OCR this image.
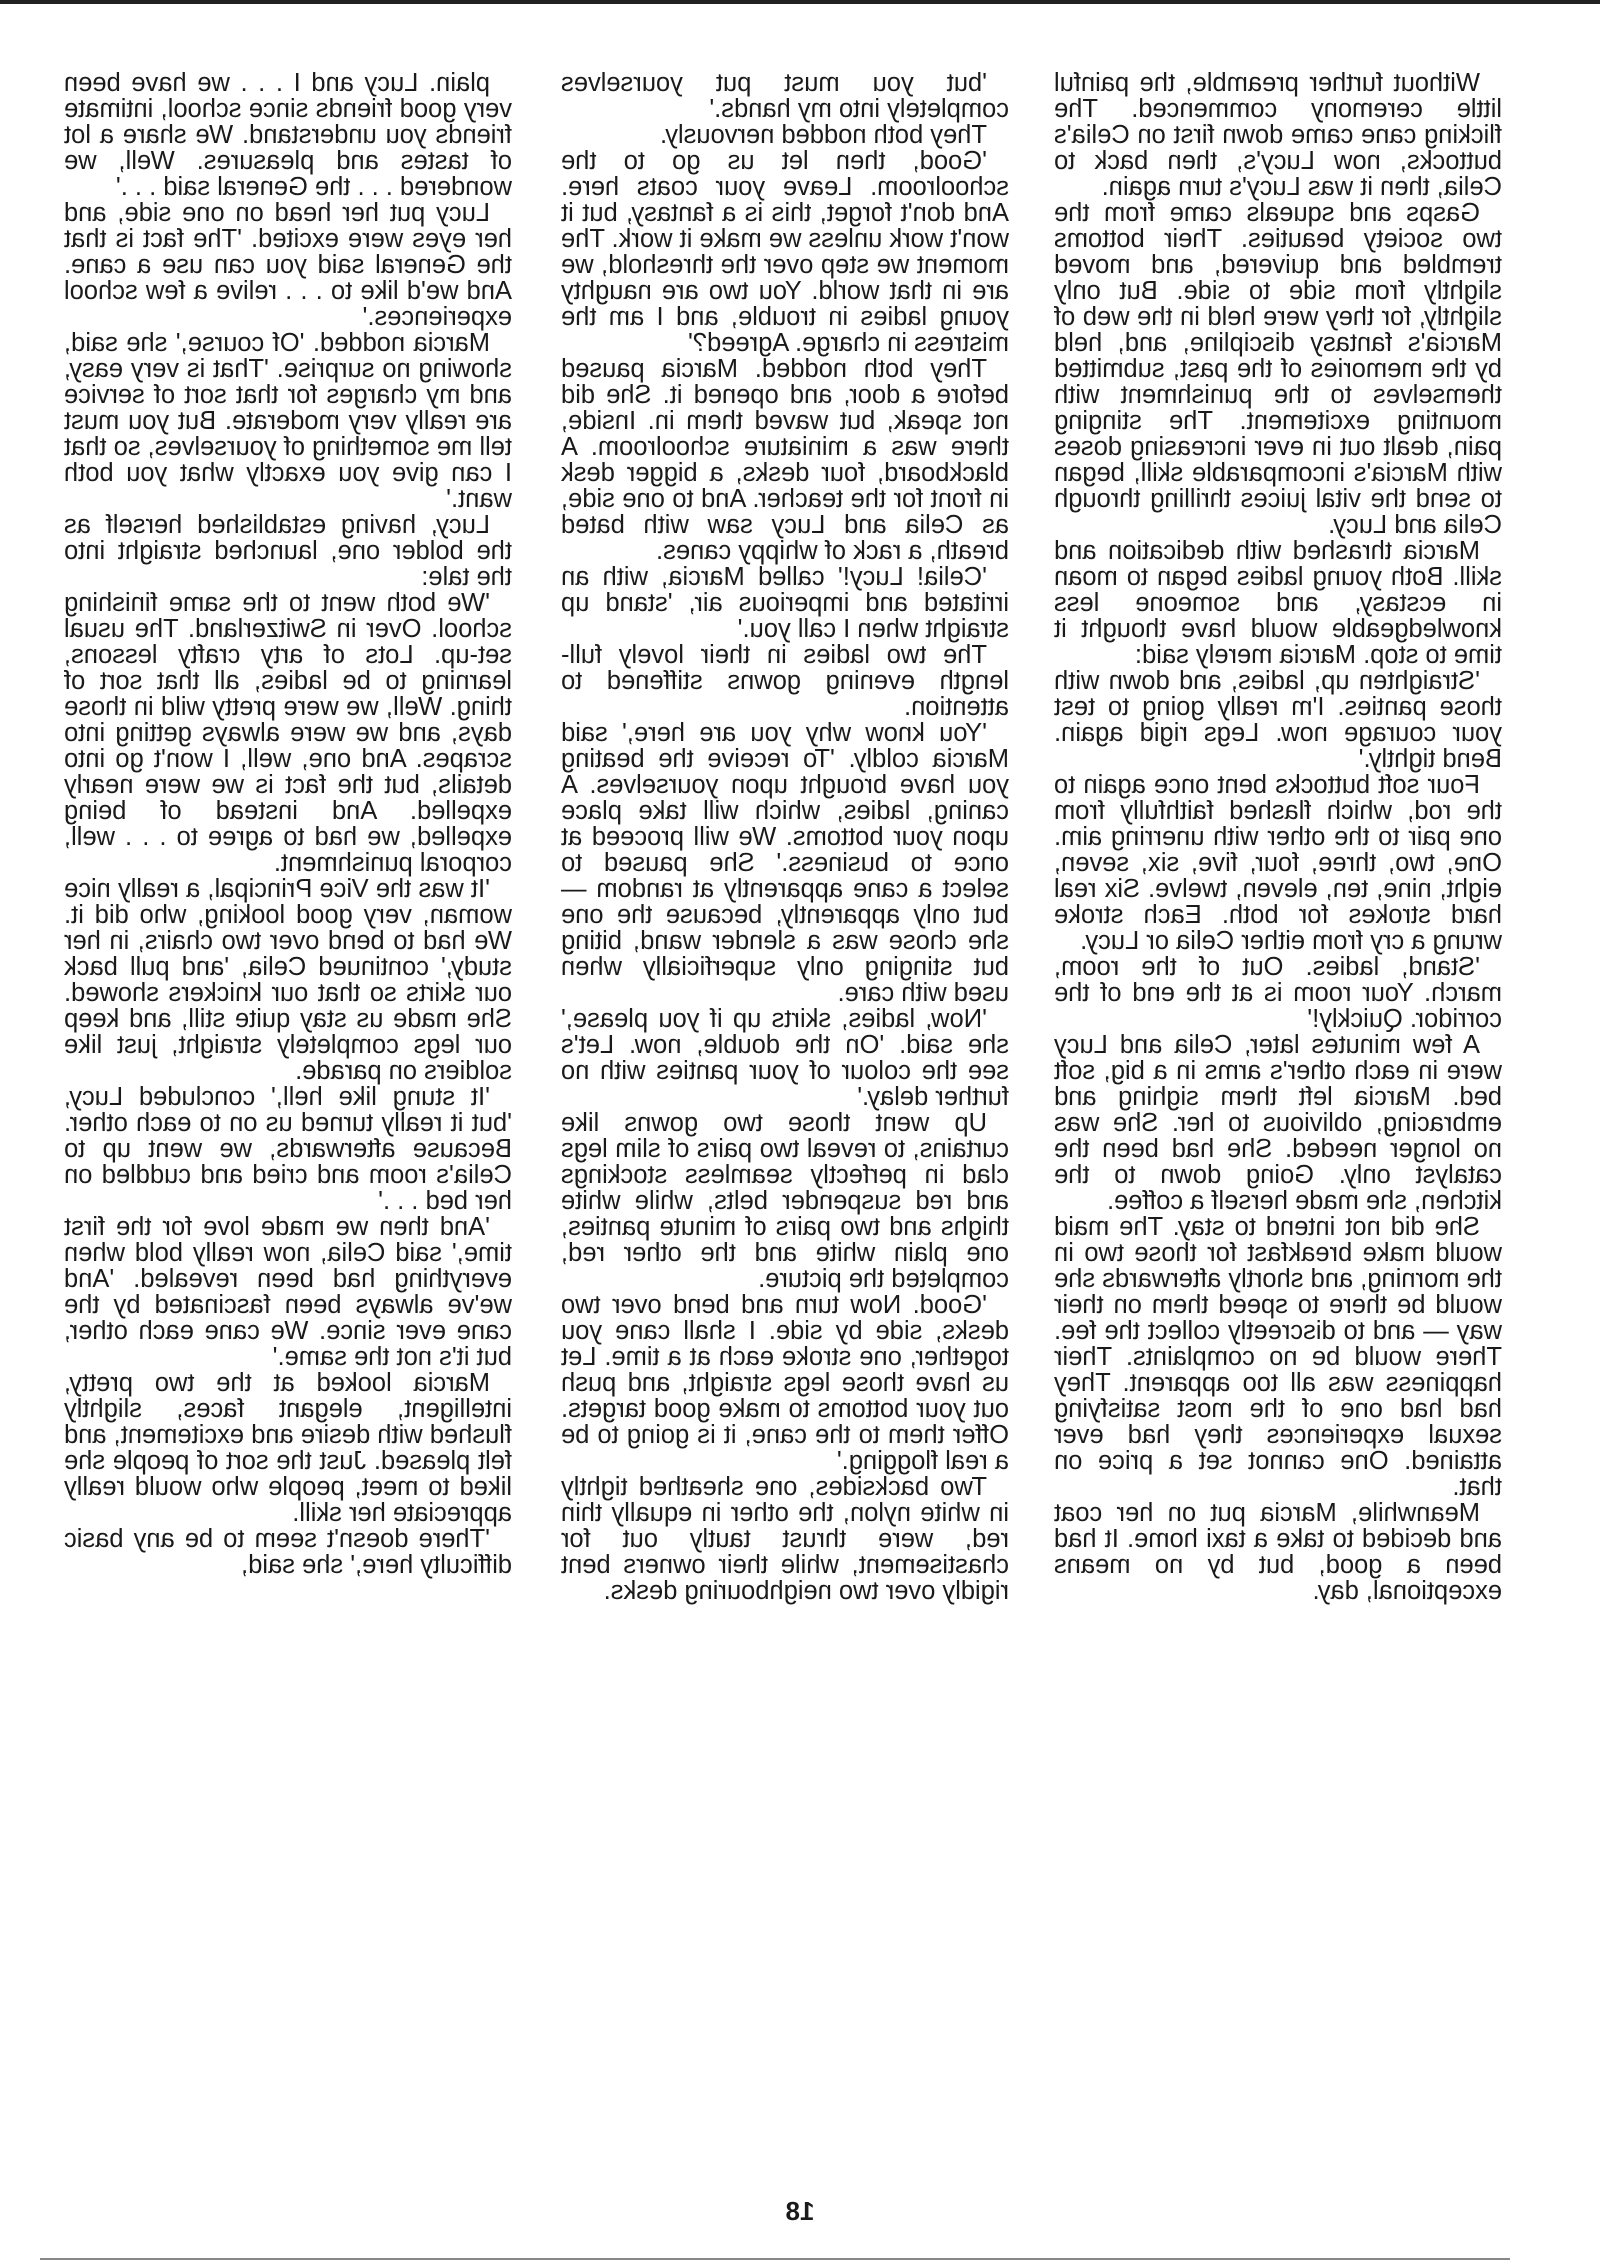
Without further preamble, the painful little ceremony commenced. The flicking cane came down first on Celia's buttocks, now Lucy's, then back to Celia, then it was Lucy's turn again.

Gasps and squeals came from the two society beauties. Their bottoms trembled and quivered, and moved slightly from side to side. But only slightly, for they were held in the web of Marcia's fantasy discipline, and, held by the memories of the past, submitted themselves to the punishment with mounting excitement. The stinging pain, dealt out in ever increasing doses with Marcia's incomparable skill, began to send the vital juices thrilling through Celia and Lucy.

Marcia thrashed with dedication and skill. Both young ladies began to moan in ecstasy, and someone less knowledgeable would have thought it time to stop. Marcia merely said:

'Straighten up, ladies, and down with those panties. I'm really going to test your courage now. Legs rigid again. Bend tightly.'

Four soft buttocks bent once again to the rod, which flashed faithfully from one pair to the other with unerring aim. One, two, three, four, five, six, seven, eight, nine, ten, eleven, twelve. Six real hard strokes for both. Each stroke wrung a cry from either Celia or Lucy.

'Stand, ladies. Out of the room, march. Your room is at the end of the corridor. Quickly!'

A few minutes later, Celia and Lucy were in each other's arms in a big, soft bed. Marcia left them sighing and embracing, oblivious to her. She was no longer needed. She had been the catalyst only. Going down to the kitchen, she made herself a coffee.

She did not intend to stay. The maid would make breakfast for those two in the morning, and shortly afterwards she would be there to speed them on their way — and to discreetly collect the fee. There would be no complaints. Their happiness was all too apparent. They had had one of the most satisfying sexual experiences they had ever attained. One cannot set a price on that.

Meanwhile, Marcia put on her coat and decided to take a taxi home. It had been a good, but by no means exceptional, day.

'but you must put yourselves completely into my hands.'

They both nodded nervously.

'Good, then let us go to the schoolroom. Leave your coats here. And don't forget, this is a fantasy, but it won't work unless we make it work. The moment we step over the threshold, we are in that world. You two are naughty young ladies in trouble, and I am the mistress in charge. Agreed?'

They both nodded. Marcia paused before a door, and opened it. She did not speak, but waved them in. Inside, there was a miniature schoolroom. A blackboard, four desks, a bigger desk in front for the teacher. And to one side, as Celia and Lucy saw with bated breath, a rack of whippy canes.

'Celia! Lucy!' called Marcia, with an irritated and imperious air, 'stand up straight when I call you.'

The two ladies in their lovely full-length evening gowns stiffened to attention.

'You know why you are here,' said Marcia coldly. 'To receive the beating you have brought upon yourselves. A caning, ladies, which will take place upon your bottoms. We will proceed at once to business.' She paused to select a cane apparently at random — but only apparently, because the one she chose was a slender wand, biting but stinging only superficially when used with care.

'Now, ladies, skirts up if you please,' she said. 'On the double, now. Let's see the colour of your panties with no further delay.'

Up went those two gowns like curtains, to reveal two pairs of slim legs clad in perfectly seamless stockings and red suspender belts, while white thighs and two pairs of minute panties, one plain white and the other red, completed the picture.

'Good. Now turn and bend over two desks, side by side. I shall cane you together, one stroke each at a time. Let us have those legs straight, and push out your bottoms to make good targets. Offer them to the cane, it is going to be a real flogging.'

Two backsides, one sheathed tightly in white nylon, the other in equally thin red, were thrust tautly out for chastisement, while their owners bent rigidly over two neighbouring desks.

plain. Lucy and I . . . we have been very good friends since school, intimate friends you understand. We share a lot of tastes and pleasures. Well, we wondered . . . the General said . . .'

Lucy put her head on one side, and her eyes were excited. 'The fact is that the General said you can use a cane. And we'd like to . . . relive a few school experiences.'

Marcia nodded. 'Of course,' she said, showing no surprise. 'That is very easy, and my charges for that sort of service are really very moderate. But you must tell me something of yourselves, so that I can give you exactly what you both want.'

Lucy, having established herself as the bolder one, launched straight into the tale:

'We both went to the same finishing school. Over in Switzerland. The usual set-up. Lots of arty crafty lessons, learning to be ladies, all that sort of thing. Well, we were pretty wild in those days, and we were always getting into scrapes. And one, well, I won't go into details, but the fact is we were nearly expelled. And instead of being expelled, we had to agree to . . . well, corporal punishment.

'It was the Vice Principal, a really nice woman, very good looking, who did it. We had to bend over two chairs, in her study,' continued Celia, 'and pull back our skirts so that our knickers showed. She made us stay quite still, and keep our legs completely straight, just like soldiers on parade.

'It stung like hell,' concluded Lucy, 'but it really turned us on to each other. Because afterwards, we went up to Celia's room and cried and cuddled on her bed . . .'

'And then we made love for the first time,' said Celia, now really bold when everything had been revealed. 'And we've always been fascinated by the cane ever since. We cane each other, but it's not the same.'

Marcia looked at the two pretty, intelligent, elegant faces, slightly flushed with desire and excitement, and felt pleased. Just the sort of people she liked to meet, people who would really appreciate her skill.

'There doesn't seem to be any basic difficulty here,' she said,

18
